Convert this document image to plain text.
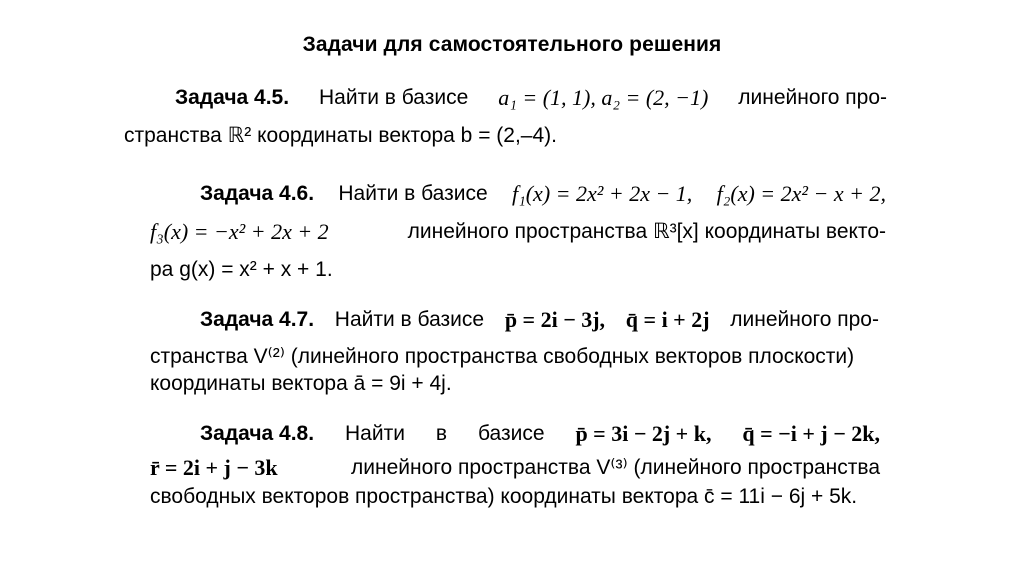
Задачи для самостоятельного решения
Задача 4.5. Найти в базисе a₁ = (1, 1), a₂ = (2, −1) линейного про-
странства ℝ² координаты вектора b = (2,–4).
Задача 4.6. Найти в базисе f₁(x) = 2x² + 2x − 1, f₂(x) = 2x² − x + 2,
f₃(x) = −x² + 2x + 2	линейного пространства ℝ³[x] координаты векто-
ра g(x) = x² + x + 1.
Задача 4.7. Найти в базисе p̄ = 2i − 3j, q̄ = i + 2j линейного про-
странства V⁽²⁾ (линейного пространства свободных векторов плоскости)
координаты вектора ā = 9i + 4j.
Задача 4.8. Найти в базисе p̄ = 3i − 2j + k, q̄ = −i + j − 2k,
r̄ = 2i + j − 3k	линейного пространства V⁽³⁾ (линейного пространства
свободных векторов пространства) координаты вектора c̄ = 11i − 6j + 5k.
